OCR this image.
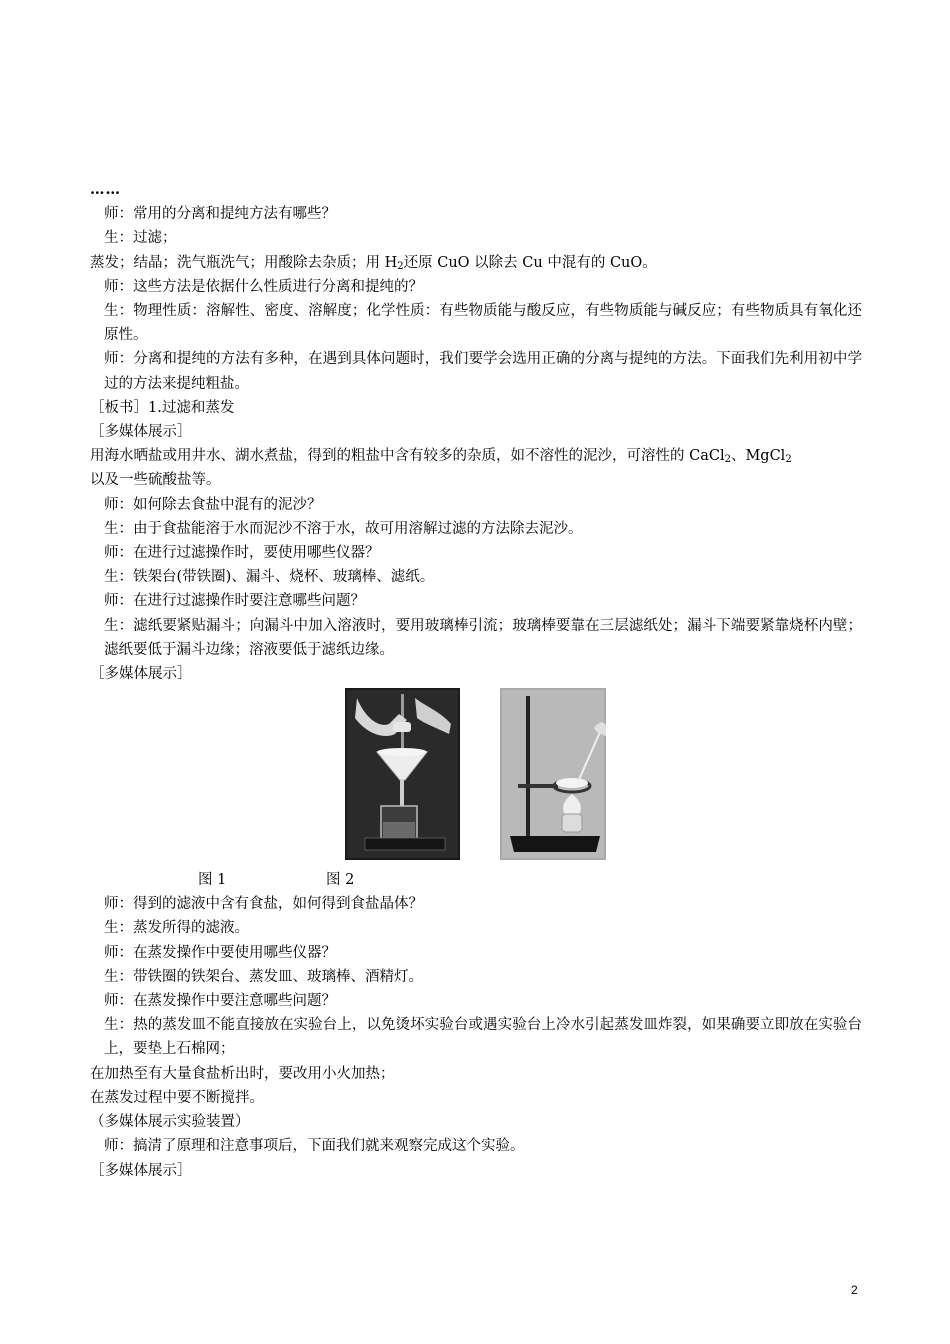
……
师：常用的分离和提纯方法有哪些？
生：过滤；
蒸发；结晶；洗气瓶洗气；用酸除去杂质；用 $H_2$还原 CuO 以除去 Cu 中混有的 CuO。
师：这些方法是依据什么性质进行分离和提纯的？
生：物理性质：溶解性、密度、溶解度；化学性质：有些物质能与酸反应，有些物质能与碱反应；有些物质具有氧化还原性。
师：分离和提纯的方法有多种，在遇到具体问题时，我们要学会选用正确的分离与提纯的方法。下面我们先利用初中学过的方法来提纯粗盐。
［板书］1.过滤和蒸发
［多媒体展示］
用海水晒盐或用井水、湖水煮盐，得到的粗盐中含有较多的杂质，如不溶性的泥沙，可溶性的 CaCl$_2$、MgCl$_2$
以及一些硫酸盐等。
师：如何除去食盐中混有的泥沙？
生：由于食盐能溶于水而泥沙不溶于水，故可用溶解过滤的方法除去泥沙。
师：在进行过滤操作时，要使用哪些仪器？
生：铁架台(带铁圈)、漏斗、烧杯、玻璃棒、滤纸。
师：在进行过滤操作时要注意哪些问题？
生：滤纸要紧贴漏斗；向漏斗中加入溶液时，要用玻璃棒引流；玻璃棒要靠在三层滤纸处；漏斗下端要紧靠烧杯内壁；滤纸要低于漏斗边缘；溶液要低于滤纸边缘。
［多媒体展示］
图 1	图 2
师：得到的滤液中含有食盐，如何得到食盐晶体？
生：蒸发所得的滤液。
师：在蒸发操作中要使用哪些仪器？
生：带铁圈的铁架台、蒸发皿、玻璃棒、酒精灯。
师：在蒸发操作中要注意哪些问题？
生：热的蒸发皿不能直接放在实验台上，以免烫坏实验台或遇实验台上冷水引起蒸发皿炸裂，如果确要立即放在实验台上，要垫上石棉网；
在加热至有大量食盐析出时，要改用小火加热；
在蒸发过程中要不断搅拌。
（多媒体展示实验装置）
师：搞清了原理和注意事项后，下面我们就来观察完成这个实验。
［多媒体展示］
2
